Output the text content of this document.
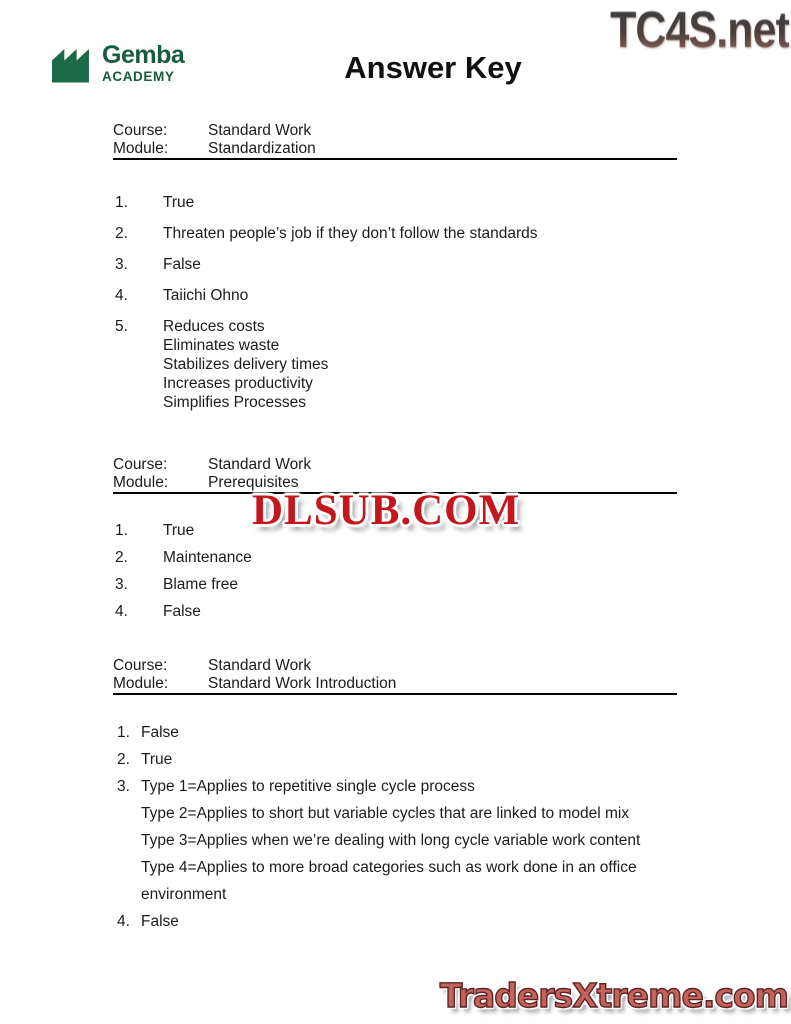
TC4S.net
Gemba
ACADEMY	Answer Key
Course:	Standard Work
Module:	Standardization
1.	True
2.	Threaten people’s job if they don’t follow the standards
3.	False
4.	Taiichi Ohno
5.	Reduces costs
Eliminates waste
Stabilizes delivery times
Increases productivity
Simplifies Processes
Course:	Standard Work
Module:	Prerequisites
DLSUB.COM
1.	True
2.	Maintenance
3.	Blame free
4.	False
Course:	Standard Work
Module:	Standard Work Introduction
1. False
2. True
3. Type 1=Applies to repetitive single cycle process
Type 2=Applies to short but variable cycles that are linked to model mix
Type 3=Applies when we’re dealing with long cycle variable work content
Type 4=Applies to more broad categories such as work done in an office
environment
4. False
TradersXtreme.com
